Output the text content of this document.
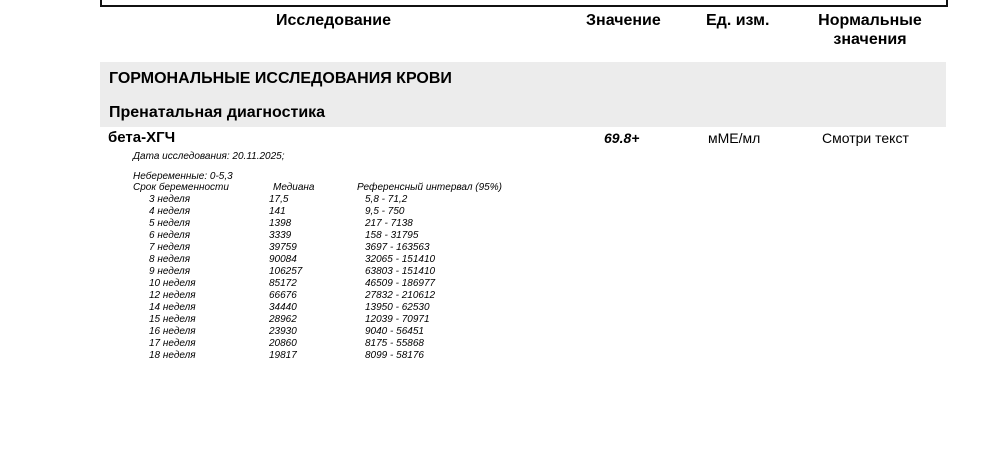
Исследование	Значение	Ед. изм.	Нормальные
значения
ГОРМОНАЛЬНЫЕ ИССЛЕДОВАНИЯ КРОВИ
Пренатальная диагностика
бета-ХГЧ	69.8+	мМЕ/мл	Смотри текст
Дата исследования: 20.11.2025;
Небеременные: 0-5,3
Срок беременности	Медиана	Референсный интервал (95%)
3 неделя	17,5	5,8 - 71,2
4 неделя	141	9,5 - 750
5 неделя	1398	217 - 7138
6 неделя	3339	158 - 31795
7 неделя	39759	3697 - 163563
8 неделя	90084	32065 - 151410
9 неделя	106257	63803 - 151410
10 неделя	85172	46509 - 186977
12 неделя	66676	27832 - 210612
14 неделя	34440	13950 - 62530
15 неделя	28962	12039 - 70971
16 неделя	23930	9040 - 56451
17 неделя	20860	8175 - 55868
18 неделя	19817	8099 - 58176
